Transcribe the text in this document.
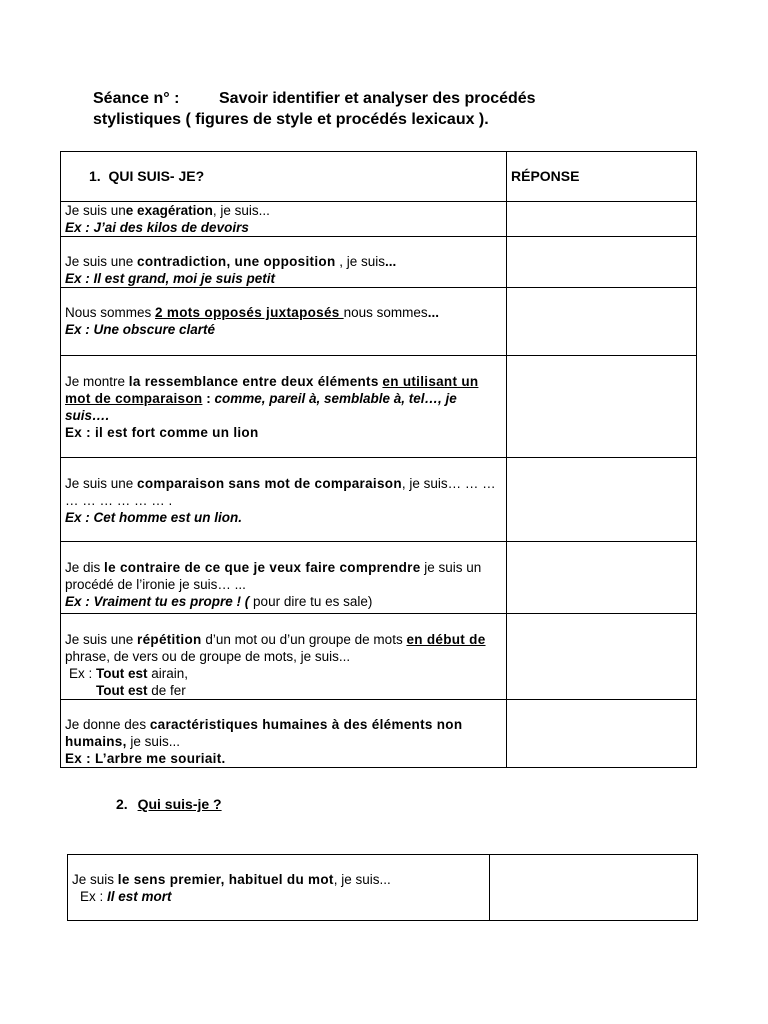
Séance n° : Savoir identifier et analyser des procédés
stylistiques ( figures de style et procédés lexicaux ).
1. QUI SUIS- JE?	RÉPONSE

Je suis une exagération, je suis...
Ex : J’ai des kilos de devoirs	

Je suis une contradiction, une opposition , je suis...
Ex : Il est grand, moi je suis petit	

Nous sommes 2 mots opposés juxtaposés nous sommes...
Ex : Une obscure clarté	

Je montre la ressemblance entre deux éléments en utilisant un mot de comparaison : comme, pareil à, semblable à, tel…, je suis….
Ex : il est fort comme un lion	

Je suis une comparaison sans mot de comparaison, je suis… … … … … … … … … .
Ex : Cet homme est un lion.	

Je dis le contraire de ce que je veux faire comprendre je suis un procédé de l’ironie je suis… ...
Ex : Vraiment tu es propre ! ( pour dire tu es sale)	

Je suis une répétition d’un mot ou d’un groupe de mots en début de phrase, de vers ou de groupe de mots, je suis...
Ex : Tout est airain,
Tout est de fer	

Je donne des caractéristiques humaines à des éléments non humains, je suis...
Ex : L’arbre me souriait.	

2. Qui suis-je ?
Je suis le sens premier, habituel du mot, je suis...
Ex : Il est mort
